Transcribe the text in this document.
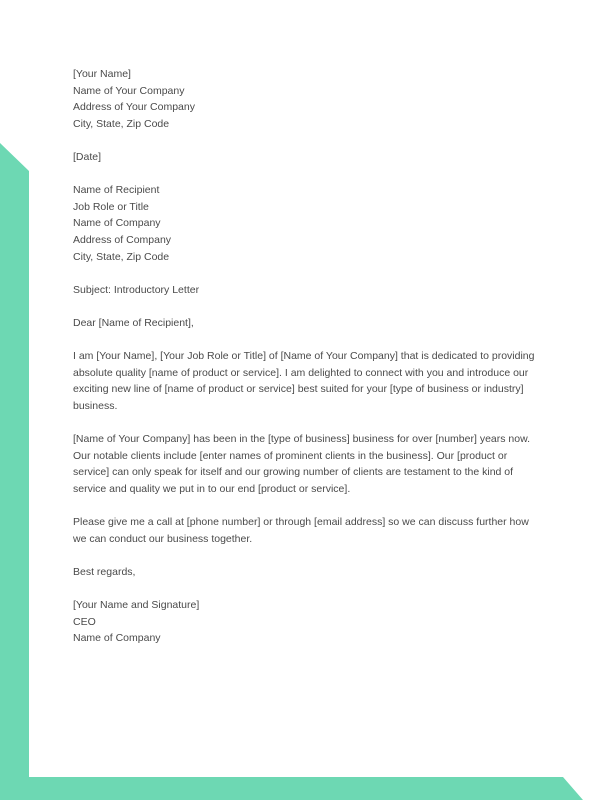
[Your Name]
Name of Your Company
Address of Your Company
City, State, Zip Code
[Date]
Name of Recipient
Job Role or Title
Name of Company
Address of Company
City, State, Zip Code
Subject: Introductory Letter
Dear [Name of Recipient],
I am [Your Name], [Your Job Role or Title] of [Name of Your Company] that is dedicated to providing
absolute quality [name of product or service]. I am delighted to connect with you and introduce our
exciting new line of [name of product or service] best suited for your [type of business or industry]
business.
[Name of Your Company] has been in the [type of business] business for over [number] years now.
Our notable clients include [enter names of prominent clients in the business]. Our [product or
service] can only speak for itself and our growing number of clients are testament to the kind of
service and quality we put in to our end [product or service].
Please give me a call at [phone number] or through [email address] so we can discuss further how
we can conduct our business together.
Best regards,
[Your Name and Signature]
CEO
Name of Company
